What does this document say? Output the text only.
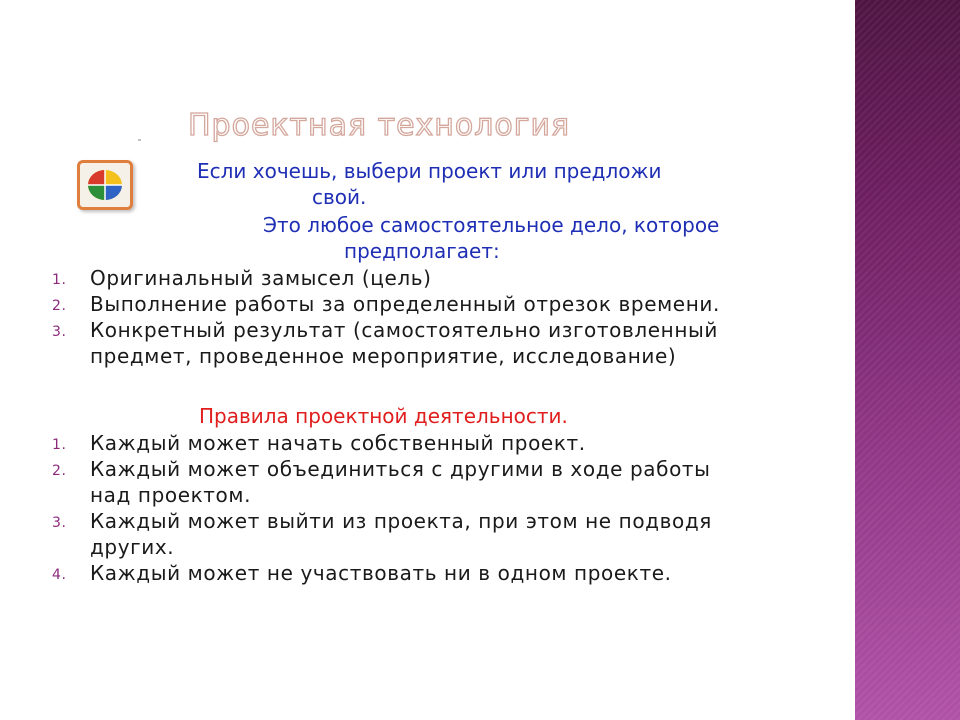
Проектная технология

Если хочешь, выбери проект или предложи

свой.

Это любое самостоятельное дело, которое

предполагает:

1. Оригинальный замысел (цель)
2. Выполнение работы за определенный отрезок времени.
3. Конкретный результат (самостоятельно изготовленный
предмет, проведенное мероприятие, исследование)

Правила проектной деятельности.

1. Каждый может начать собственный проект.
2. Каждый может объединиться с другими в ходе работы
над проектом.
3. Каждый может выйти из проекта, при этом не подводя
других.
4. Каждый может не участвовать ни в одном проекте.
